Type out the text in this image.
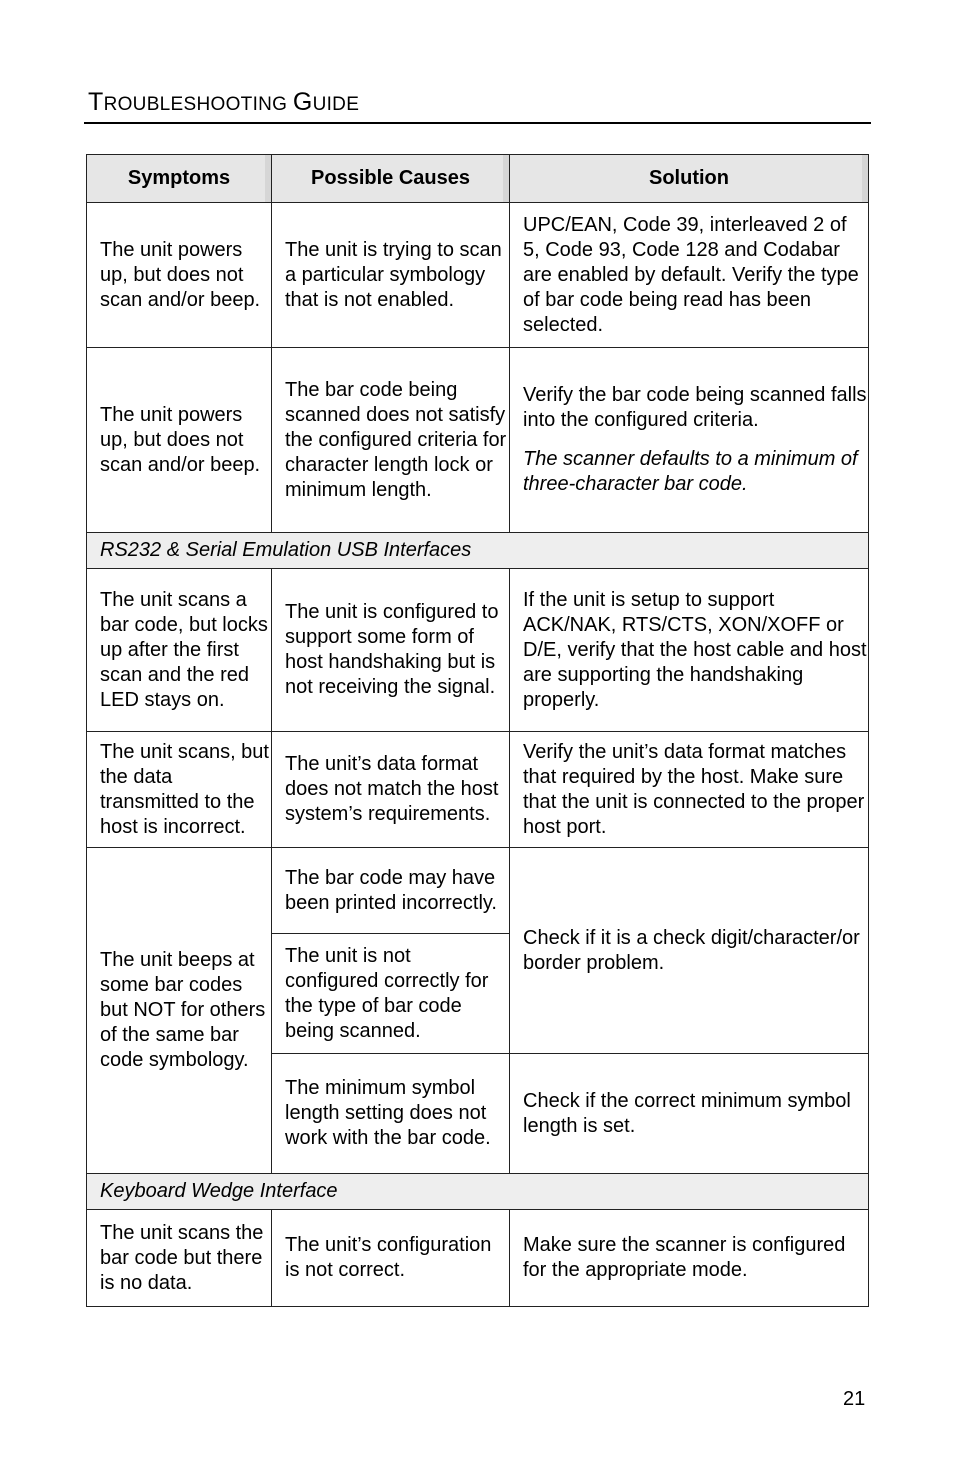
TROUBLESHOOTING GUIDE
Symptoms	Possible Causes	Solution
The unit powers up, but does not scan and/or beep.	The unit is trying to scan a particular symbology that is not enabled.	UPC/EAN, Code 39, interleaved 2 of 5, Code 93, Code 128 and Codabar are enabled by default. Verify the type of bar code being read has been selected.
The unit powers up, but does not scan and/or beep.	The bar code being scanned does not satisfy the configured criteria for character length lock or minimum length.	Verify the bar code being scanned falls into the configured criteria.
The scanner defaults to a minimum of three-character bar code.
RS232 & Serial Emulation USB Interfaces		
The unit scans a bar code, but locks up after the first scan and the red LED stays on.	The unit is configured to support some form of host handshaking but is not receiving the signal.	If the unit is setup to support ACK/NAK, RTS/CTS, XON/XOFF or D/E, verify that the host cable and host are supporting the handshaking properly.
The unit scans, but the data transmitted to the host is incorrect.	The unit’s data format does not match the host system’s requirements.	Verify the unit’s data format matches that required by the host. Make sure that the unit is connected to the proper host port.
The unit beeps at some bar codes but NOT for others of the same bar code symbology.	The bar code may have been printed incorrectly.	Check if it is a check digit/character/or border problem.
	The unit is not configured correctly for the type of bar code being scanned.	
	The minimum symbol length setting does not work with the bar code.	Check if the correct minimum symbol length is set.
Keyboard Wedge Interface		
The unit scans the bar code but there is no data.	The unit’s configuration is not correct.	Make sure the scanner is configured for the appropriate mode.
21
